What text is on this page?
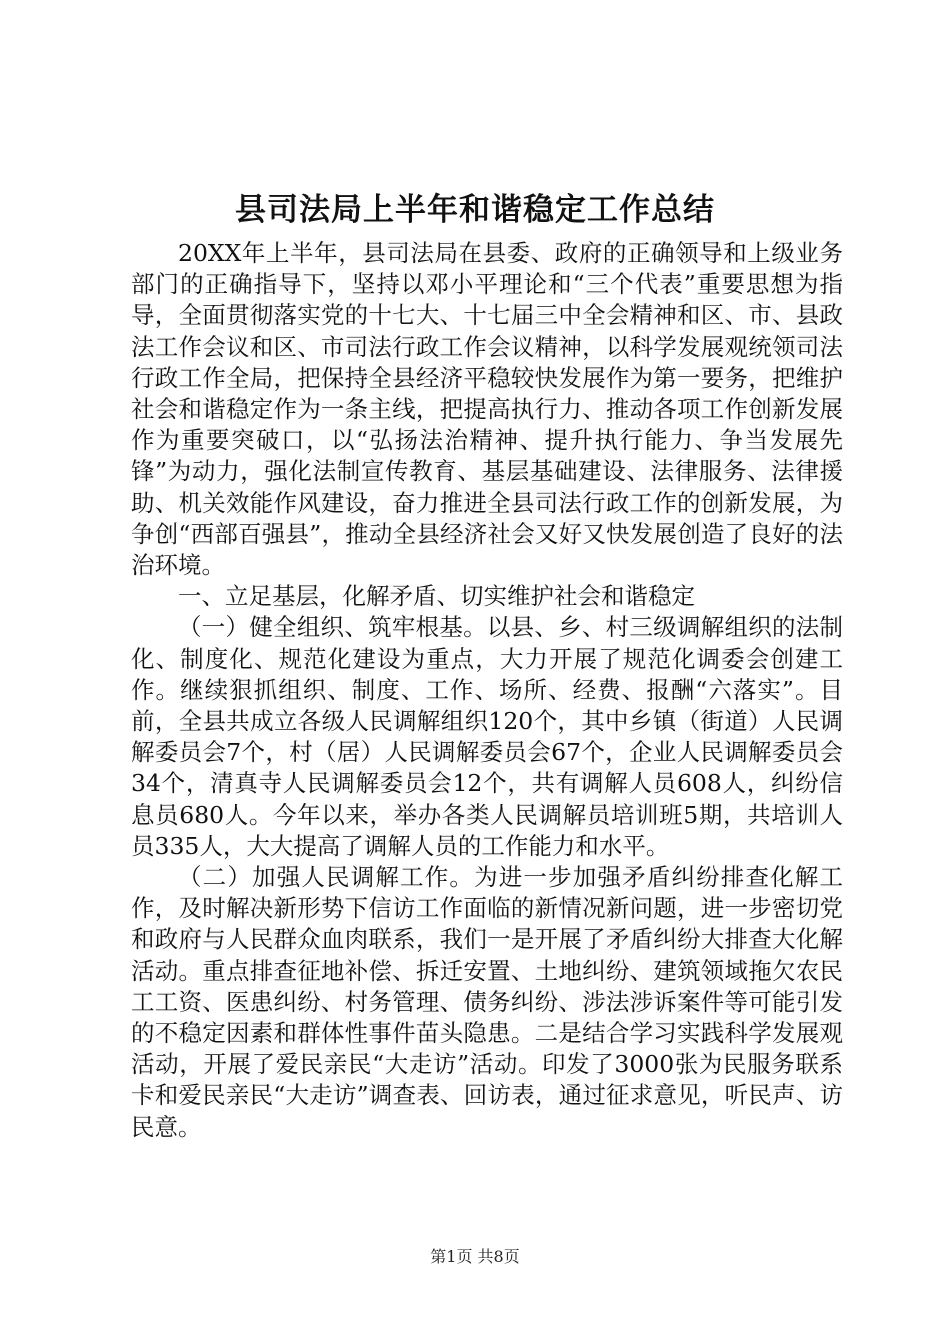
县司法局上半年和谐稳定工作总结

20XX年上半年，县司法局在县委、政府的正确领导和上级业务部门的正确指导下，坚持以邓小平理论和“三个代表”重要思想为指导，全面贯彻落实党的十七大、十七届三中全会精神和区、市、县政法工作会议和区、市司法行政工作会议精神，以科学发展观统领司法行政工作全局，把保持全县经济平稳较快发展作为第一要务，把维护社会和谐稳定作为一条主线，把提高执行力、推动各项工作创新发展作为重要突破口，以“弘扬法治精神、提升执行能力、争当发展先锋”为动力，强化法制宣传教育、基层基础建设、法律服务、法律援助、机关效能作风建设，奋力推进全县司法行政工作的创新发展，为争创“西部百强县”，推动全县经济社会又好又快发展创造了良好的法治环境。

一、立足基层，化解矛盾、切实维护社会和谐稳定

（一）健全组织、筑牢根基。以县、乡、村三级调解组织的法制化、制度化、规范化建设为重点，大力开展了规范化调委会创建工作。继续狠抓组织、制度、工作、场所、经费、报酬“六落实”。目前，全县共成立各级人民调解组织120个，其中乡镇（街道）人民调解委员会7个，村（居）人民调解委员会67个，企业人民调解委员会34个，清真寺人民调解委员会12个，共有调解人员608人，纠纷信息员680人。今年以来，举办各类人民调解员培训班5期，共培训人员335人，大大提高了调解人员的工作能力和水平。

（二）加强人民调解工作。为进一步加强矛盾纠纷排查化解工作，及时解决新形势下信访工作面临的新情况新问题，进一步密切党和政府与人民群众血肉联系，我们一是开展了矛盾纠纷大排查大化解活动。重点排查征地补偿、拆迁安置、土地纠纷、建筑领域拖欠农民工工资、医患纠纷、村务管理、债务纠纷、涉法涉诉案件等可能引发的不稳定因素和群体性事件苗头隐患。二是结合学习实践科学发展观活动，开展了爱民亲民“大走访”活动。印发了3000张为民服务联系卡和爱民亲民“大走访”调查表、回访表，通过征求意见，听民声、访民意。

第1页 共8页
